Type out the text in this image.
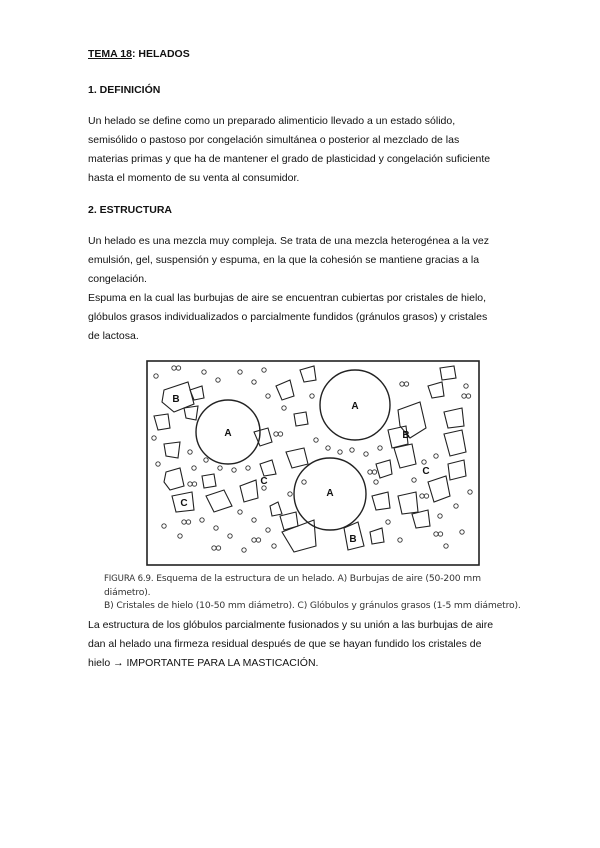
TEMA 18: HELADOS
1. DEFINICIÓN
Un helado se define como un preparado alimenticio llevado a un estado sólido,
semisólido o pastoso por congelación simultánea o posterior al mezclado de las
materias primas y que ha de mantener el grado de plasticidad y congelación suficiente
hasta el momento de su venta al consumidor.
2. ESTRUCTURA
Un helado es una mezcla muy compleja. Se trata de una mezcla heterogénea a la vez
emulsión, gel, suspensión y espuma, en la que la cohesión se mantiene gracias a la
congelación.
Espuma en la cual las burbujas de aire se encuentran cubiertas por cristales de hielo,
glóbulos grasos individualizados o parcialmente fundidos (gránulos grasos) y cristales
de lactosa.
A
A
A
B
B
B
C
C
C
FIGURA 6.9. Esquema de la estructura de un helado. A) Burbujas de aire (50-200 mm diámetro).
B) Cristales de hielo (10-50 mm diámetro). C) Glóbulos y gránulos grasos (1-5 mm diámetro).
La estructura de los glóbulos parcialmente fusionados y su unión a las burbujas de aire
dan al helado una firmeza residual después de que se hayan fundido los cristales de
hielo → IMPORTANTE PARA LA MASTICACIÓN.
